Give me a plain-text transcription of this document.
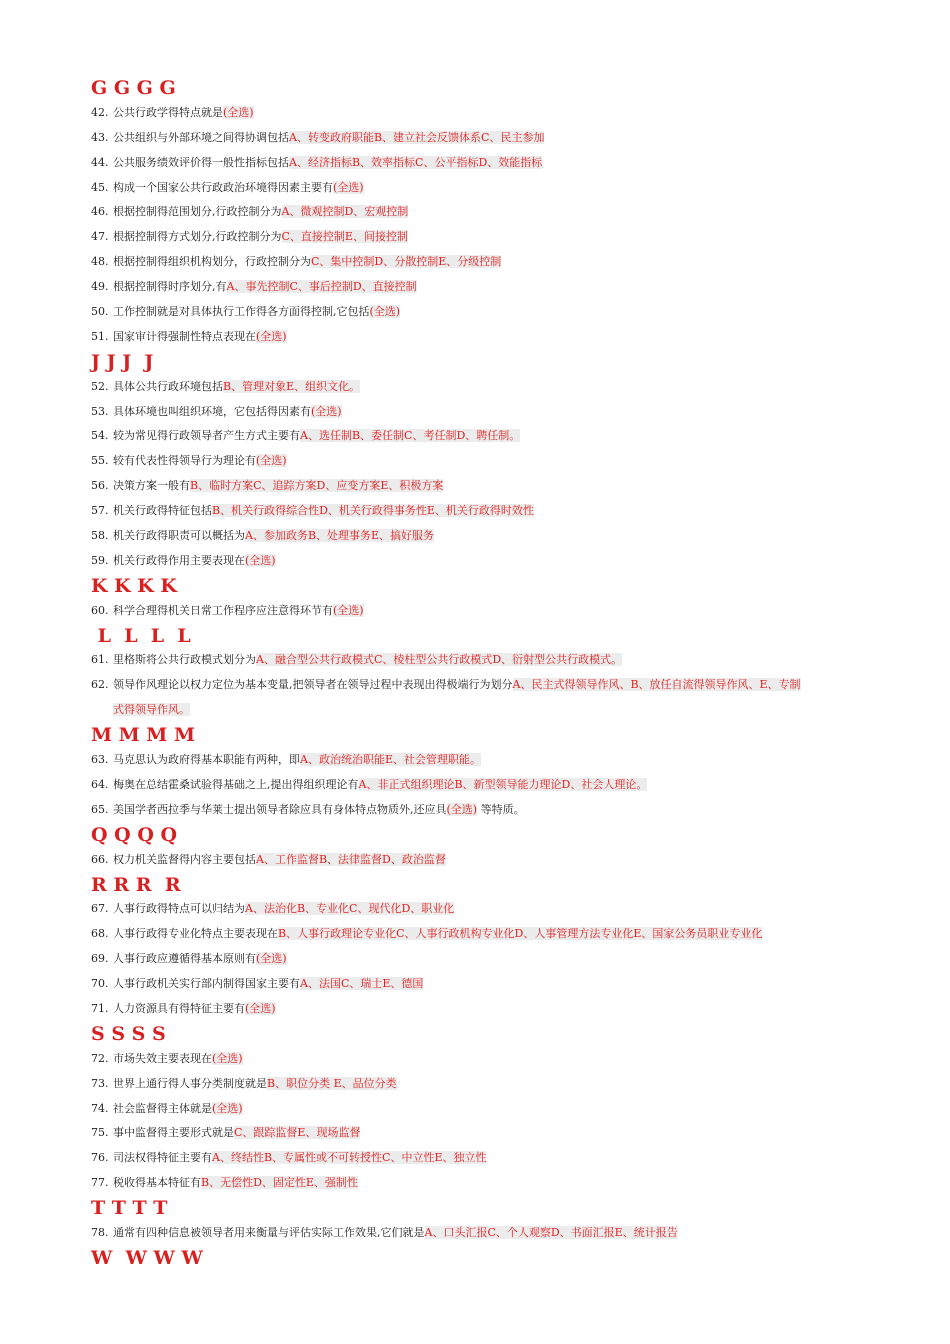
G G G G
42. 公共行政学得特点就是(全选)
43. 公共组织与外部环境之间得协调包括A、转变政府职能B、建立社会反馈体系C、民主参加
44. 公共服务绩效评价得一般性指标包括A、经济指标B、效率指标C、公平指标D、效能指标
45. 构成一个国家公共行政政治环境得因素主要有(全选)
46. 根据控制得范围划分,行政控制分为A、微观控制D、宏观控制
47. 根据控制得方式划分,行政控制分为C、直接控制E、间接控制
48. 根据控制得组织机构划分，行政控制分为C、集中控制D、分散控制E、分级控制
49. 根据控制得时序划分,有A、事先控制C、事后控制D、直接控制
50. 工作控制就是对具体执行工作得各方面得控制,它包括(全选)
51. 国家审计得强制性特点表现在(全选)
J J J  J
52. 具体公共行政环境包括B、管理对象E、组织文化。
53. 具体环境也叫组织环境，它包括得因素有(全选)
54. 较为常见得行政领导者产生方式主要有A、选任制B、委任制C、考任制D、聘任制。
55. 较有代表性得领导行为理论有(全选)
56. 决策方案一般有B、临时方案C、追踪方案D、应变方案E、积极方案
57. 机关行政得特征包括B、机关行政得综合性D、机关行政得事务性E、机关行政得时效性
58. 机关行政得职责可以概括为A、参加政务B、处理事务E、搞好服务
59. 机关行政得作用主要表现在(全选)
K K K K
60. 科学合理得机关日常工作程序应注意得环节有(全选)
L  L  L  L
61. 里格斯将公共行政模式划分为A、融合型公共行政模式C、棱柱型公共行政模式D、衍射型公共行政模式。
62. 领导作风理论以权力定位为基本变量,把领导者在领导过程中表现出得极端行为划分A、民主式得领导作风、B、放任自流得领导作风、E、专制
式得领导作风。
M M M M
63. 马克思认为政府得基本职能有两种，即A、政治统治职能E、社会管理职能。
64. 梅奥在总结霍桑试验得基础之上,提出得组织理论有A、非正式组织理论B、新型领导能力理论D、社会人理论。
65. 美国学者西拉季与华莱士提出领导者除应具有身体特点物质外,还应具(全选) 等特质。
Q Q Q Q
66. 权力机关监督得内容主要包括A、工作监督B、法律监督D、政治监督
R R R  R
67. 人事行政得特点可以归结为A、法治化B、专业化C、现代化D、职业化
68. 人事行政得专业化特点主要表现在B、人事行政理论专业化C、人事行政机构专业化D、人事管理方法专业化E、国家公务员职业专业化
69. 人事行政应遵循得基本原则有(全选)
70. 人事行政机关实行部内制得国家主要有A、法国C、瑞士E、德国
71. 人力资源具有得特征主要有(全选)
S S S S
72. 市场失效主要表现在(全选)
73. 世界上通行得人事分类制度就是B、职位分类 E、品位分类
74. 社会监督得主体就是(全选)
75. 事中监督得主要形式就是C、跟踪监督E、现场监督
76. 司法权得特征主要有A、终结性B、专属性或不可转授性C、中立性E、独立性
77. 税收得基本特征有B、无偿性D、固定性E、强制性
T T T T
78. 通常有四种信息被领导者用来衡量与评估实际工作效果,它们就是A、口头汇报C、个人观察D、书面汇报E、统计报告
W  W W W
